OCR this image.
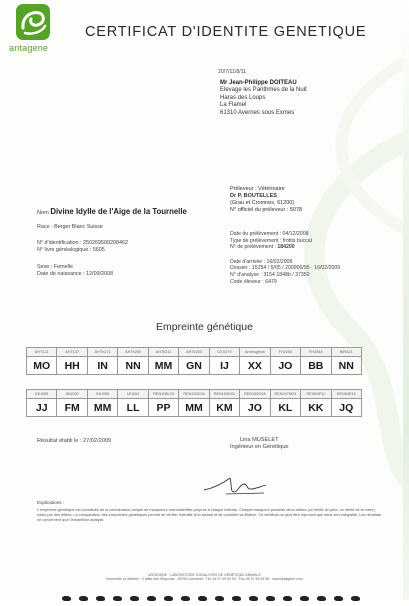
antagene
CERTIFICAT D'IDENTITE GENETIQUE
20/7/11/8/11
Mr Jean-Philippe DOITEAU
Elevage les Panthmes de la Nuit
Haras des Loups
La Flamel
61310 Avernes sous Exmes
Préleveur : Vétérinaire
Dr P. BOUTELLES
(Grau et Cromnes, 61200)
N° officiel du préleveur : 5078
Nom Divine Idylle de l'Aige de la Tournelle
Race : Berger Blanc Suisse
N° d'identification : 250269500208462
N° livre généalogique : 5605
Sexe : Femelle
Date de naissance : 12/09/2008
Date du prélèvement : 04/12/2008
Type de prélèvement : frottis buccal
N° de prélèvement : 184200
Date d'arrivée : 16/02/2009
Dossier : 15254 / 5/05 / 200900/95 · 16/02/2009
N° d'analyse : 3154 1848b / 37350
Code éleveur : 6479
Empreinte génétique
AHT121	AHT137	AHTh171	AHTh260	AHTk211	AHTk253	CXX279	Amelogenin	FH2054	FH2848	INRA21
MO	HH	IN	NN	MM	GN	IJ	XX	JO	BB	NN
INU005	INU030	INU055	LEI004	REN105L03	REN162C04	REN169D01	REN169O18	REN247M23	REN54P11	REN64E19
JJ	FM	MM	LL	PP	MM	KM	JO	KL	KK	JQ
Résultat établi le : 27/02/2009	Lina MUSELET
Ingénieur en Génétique
Explications :
L'empreinte génétique est constituée de la combinaison unique de marqueurs microsatellites propres à chaque individu. Chaque marqueur possède deux allèles (un hérité du père, un hérité de la mère), notés par des lettres. La comparaison des empreintes génétiques permet de vérifier l'identité d'un animal et de contrôler sa filiation. Ce certificat ne peut être reproduit que dans son intégralité. Les résultats ne concernent que l'échantillon analysé.
ANTAGENE · LABORATOIRE D'ANALYSES DE GÉNÉTIQUE ANIMALE
Immeuble Le Meltem · 2 allée des Séquoias · 69760 Limonest · Tél. 04 37 49 90 03 · Fax 04 37 49 09 98 · www.antagene.com
